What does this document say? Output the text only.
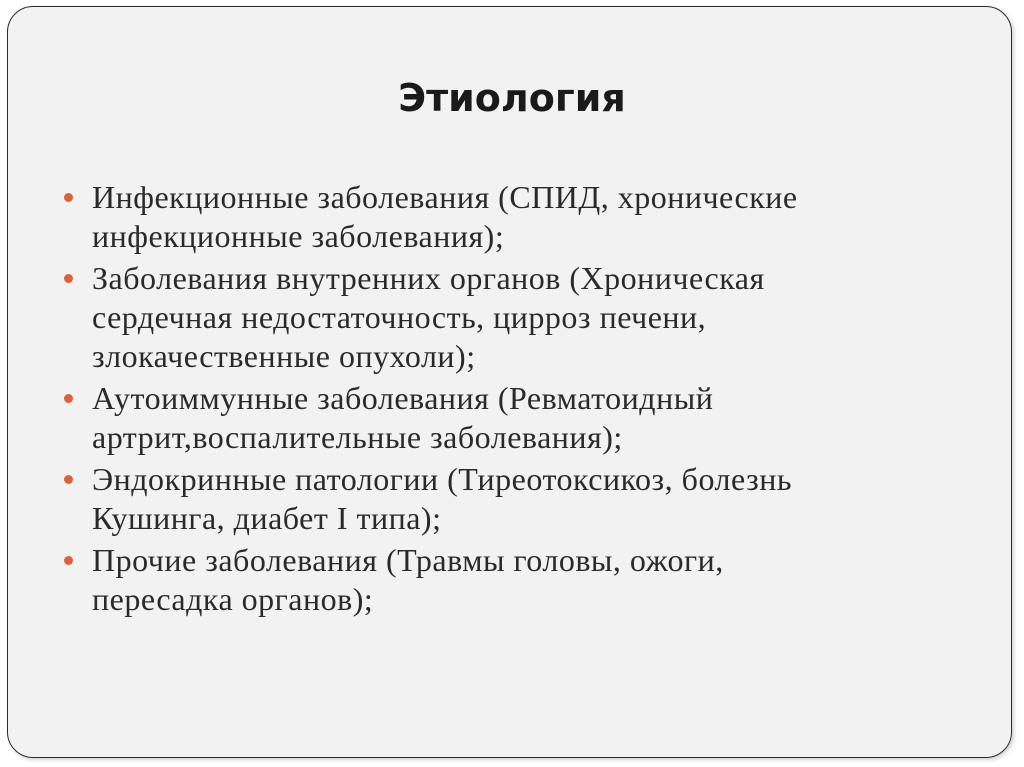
Этиология
Инфекционные заболевания (СПИД, хронические
инфекционные заболевания);
Заболевания внутренних органов (Хроническая
сердечная недостаточность, цирроз печени,
злокачественные опухоли);
Аутоиммунные заболевания (Ревматоидный
артрит,воспалительные заболевания);
Эндокринные патологии (Тиреотоксикоз, болезнь
Кушинга, диабет I типа);
Прочие заболевания (Травмы головы, ожоги,
пересадка органов);
